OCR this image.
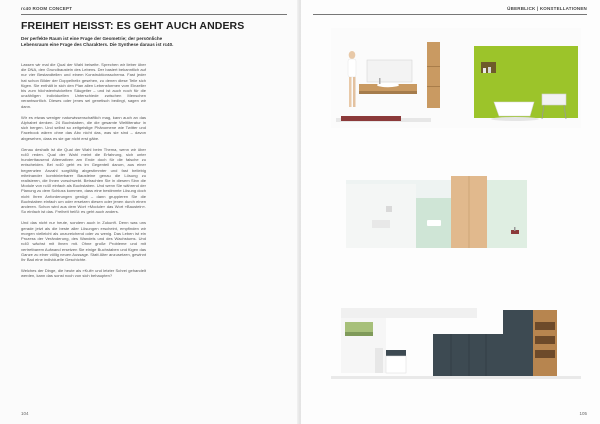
rc40 ROOM CONCEPT
FREIHEIT HEISST: ES GEHT AUCH ANDERS
Der perfekte Raum ist eine Frage der Geometrie; der persönliche Lebensraum eine Frage des Charakters. Die Synthese daraus ist rc40.

Lassen wir mal die Qual der Wahl beiseite. Sprechen wir lieber über die DNA, den Grundbaustein des Lebens. Der basiert bekanntlich auf nur vier Bestandteilen und einem Konstruktionsschema. Fast jeder hat schon Bilder der Doppelhelix gesehen, zu denen diese Teile sich fügen. Sie enthält in sich den Plan allen Lebensformen vom Einzeller bis zum höchstentwickelten Säugetier – und ist auch noch für die unzähligen individuellen Unterschiede zwischen Menschen verantwortlich. Dieses oder jenes sei genetisch bedingt, sagen wir dann.

Wir es etwas weniger naturwissenschaftlich mag, kann auch an das Alphabet denken. 24 Buchstaben, die die gesamte Weltliteratur in sich bergen. Und selbst so zeitgeistige Phänomene wie Twitter und Facebook wären ohne das Abc nicht das, was sie sind – davon abgesehen, dass es sie gar nicht erst gäbe.

Genau deshalb ist die Qual der Wahl beim Thema, wenn wir über rc40 reden. Qual der Wahl meint die Erfahrung, sich unter hunderttausend Alternativen am Ende doch für die falsche zu entscheiden. Bei rc40 geht es im Gegenteil darum, aus einer begrenzten Anzahl sorgfältig abgestimmter und fast beliebig miteinander kombinierbarer Bausteine genau die Lösung zu realisieren, die Ihnen vorschwebt. Betrachten Sie in diesem Sinn die Module von rc40 einfach als Buchstaben. Und wenn Sie während der Planung zu dem Schluss kommen, dass eine bestimmte Lösung doch nicht Ihren Anforderungen genügt – dann gruppieren Sie die Buchstaben einfach um oder ersetzen diesen oder jenen durch einen anderen. Schon wird aus dem Wort »Module« das Wort »Baustein«. So einfach ist das. Freiheit heißt: es geht auch anders.

Und das nicht nur heute, sondern auch in Zukunft. Denn was uns gerade jetzt als die beste aller Lösungen erscheint, empfinden wir morgen vielleicht als unzureichend oder zu wenig. Das Leben ist ein Prozess der Veränderung, des Wandels und des Wachstums. Und rc40 wächst mit Ihnen mit. Ohne große Probleme und mit vertretbarem Aufwand ersetzen Sie einige Buchstaben und fügen das Ganze zu einer völlig neuen Aussage. Statt Alter anzusetzen, gewinnt Ihr Bad eine individuelle Geschichte.

Welches der Dinge, die heute als »Kult« und letzter Schrei gehandelt werden, kann das sonst noch von sich behaupten?

104
ÜBERBLICK | KONSTELLATIONEN
105
